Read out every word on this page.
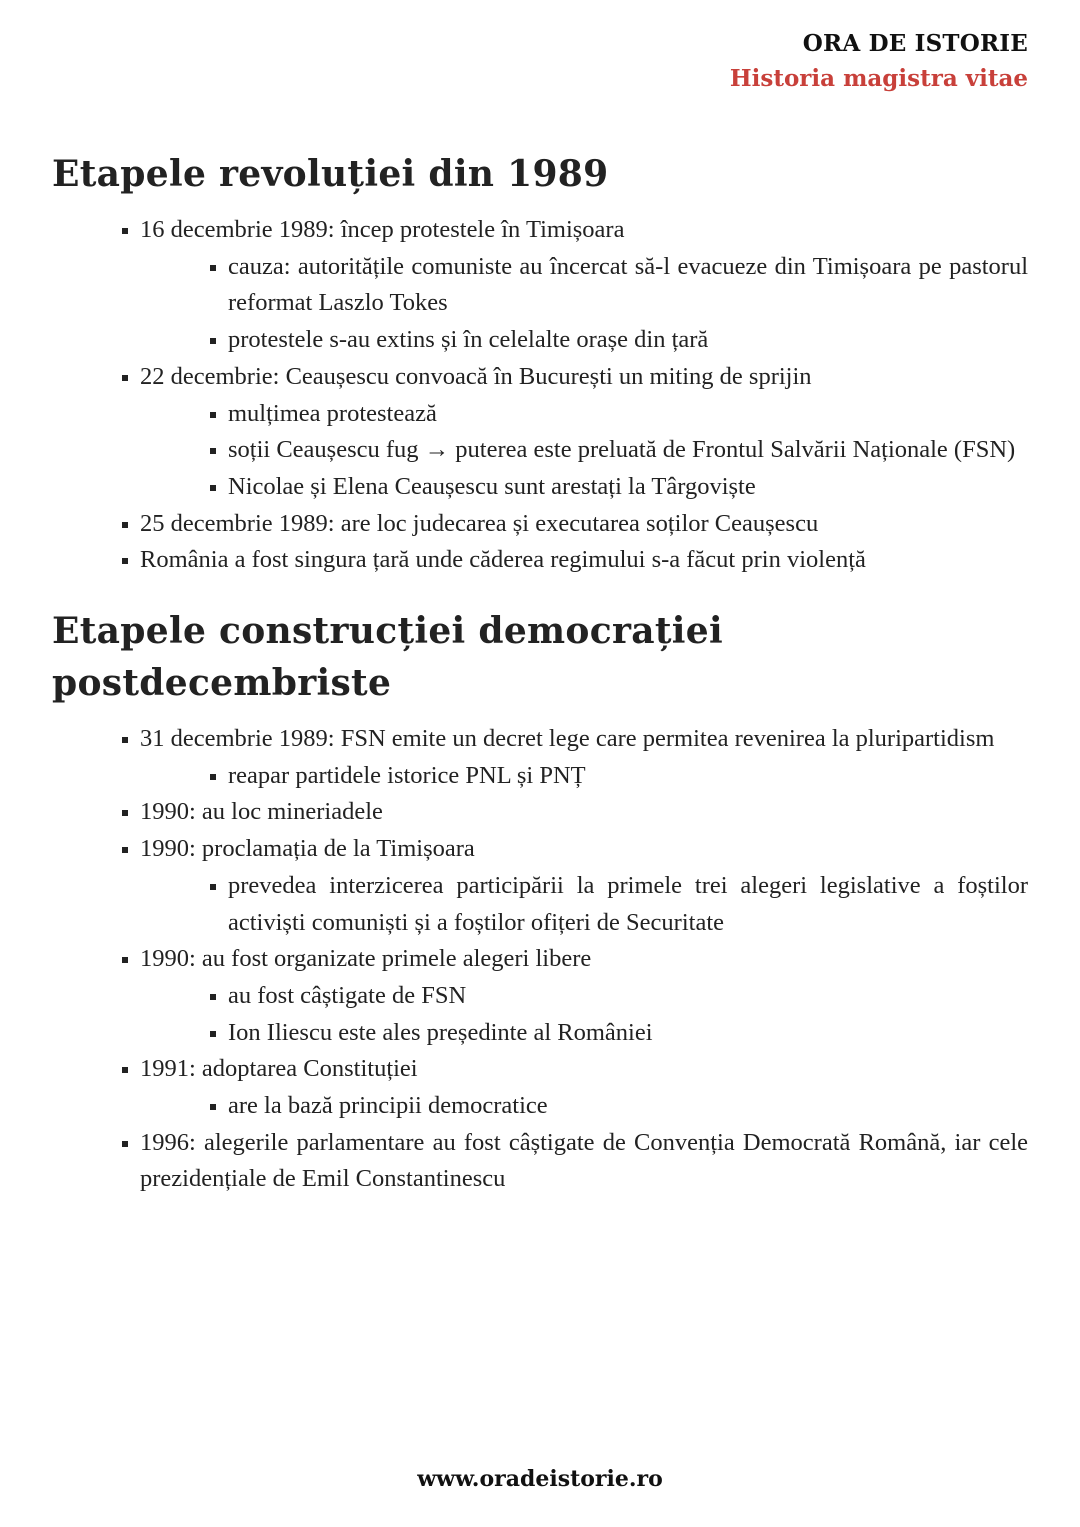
ORA DE ISTORIE
Historia magistra vitae
Etapele revoluției din 1989
16 decembrie 1989: încep protestele în Timișoara
cauza: autoritățile comuniste au încercat să-l evacueze din Timișoara pe pastorul reformat Laszlo Tokes
protestele s-au extins și în celelalte orașe din țară
22 decembrie: Ceaușescu convoacă în București un miting de sprijin
mulțimea protestează
soții Ceaușescu fug → puterea este preluată de Frontul Salvării Naționale (FSN)
Nicolae și Elena Ceaușescu sunt arestați la Târgoviște
25 decembrie 1989: are loc judecarea și executarea soților Ceaușescu
România a fost singura țară unde căderea regimului s-a făcut prin violență
Etapele construcției democrației postdecembriste
31 decembrie 1989: FSN emite un decret lege care permitea revenirea la pluripartidism
reapar partidele istorice PNL și PNȚ
1990: au loc mineriadele
1990: proclamația de la Timișoara
prevedea interzicerea participării la primele trei alegeri legislative a foștilor activiști comuniști și a foștilor ofițeri de Securitate
1990: au fost organizate primele alegeri libere
au fost câștigate de FSN
Ion Iliescu este ales președinte al României
1991: adoptarea Constituției
are la bază principii democratice
1996: alegerile parlamentare au fost câștigate de Convenția Democrată Română, iar cele prezidențiale de Emil Constantinescu
www.oradeistorie.ro
